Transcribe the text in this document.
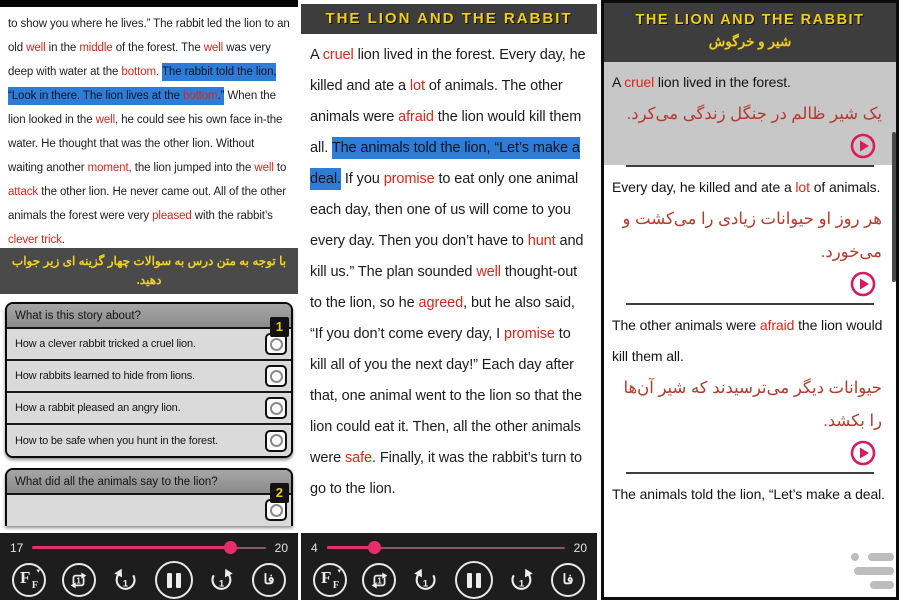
to show you where he lives.” The rabbit led the lion to an old well in the middle of the forest. The well was very deep with water at the bottom. The rabbit told the lion, “Look in there. The lion lives at the bottom.” When the lion looked in the well, he could see his own face in-the water. He thought that was the other lion. Without waiting another moment, the lion jumped into the well to attack the other lion. He never came out. All of the other animals the forest were very pleased with the rabbit’s clever trick.
با توجه به متن درس به سوالات چهار گزینه ای زیر جواب دهید.
What is this story about?
1
How a clever rabbit tricked a cruel lion.
How rabbits learned to hide from lions.
How a rabbit pleased an angry lion.
How to be safe when you hunt in the forest.
What did all the animals say to the lion?
2
17	20
F ▾
F	1	1	1	فا
THE LION AND THE RABBIT
A cruel lion lived in the forest. Every day, he killed and ate a lot of animals. The other animals were afraid the lion would kill them all. The animals told the lion, “Let’s make a deal. If you promise to eat only one animal each day, then one of us will come to you every day. Then you don’t have to hunt and kill us.” The plan sounded well thought-out to the lion, so he agreed, but he also said, “If you don’t come every day, I promise to kill all of you the next day!” Each day after that, one animal went to the lion so that the lion could eat it. Then, all the other animals were safe. Finally, it was the rabbit’s turn to go to the lion.
4	20
F ▾
F	1	1	1	فا
THE LION AND THE RABBIT
شیر و خرگوش
A cruel lion lived in the forest.
یک شیر ظالم در جنگل زندگی می‌کرد.
Every day, he killed and ate a lot of animals.
هر روز او حیوانات زیادی را می‌کشت و می‌خورد.
The other animals were afraid the lion would kill them all.
حیوانات دیگر می‌ترسیدند که شیر آن‌ها را بکشد.
The animals told the lion, “Let’s make a deal.
